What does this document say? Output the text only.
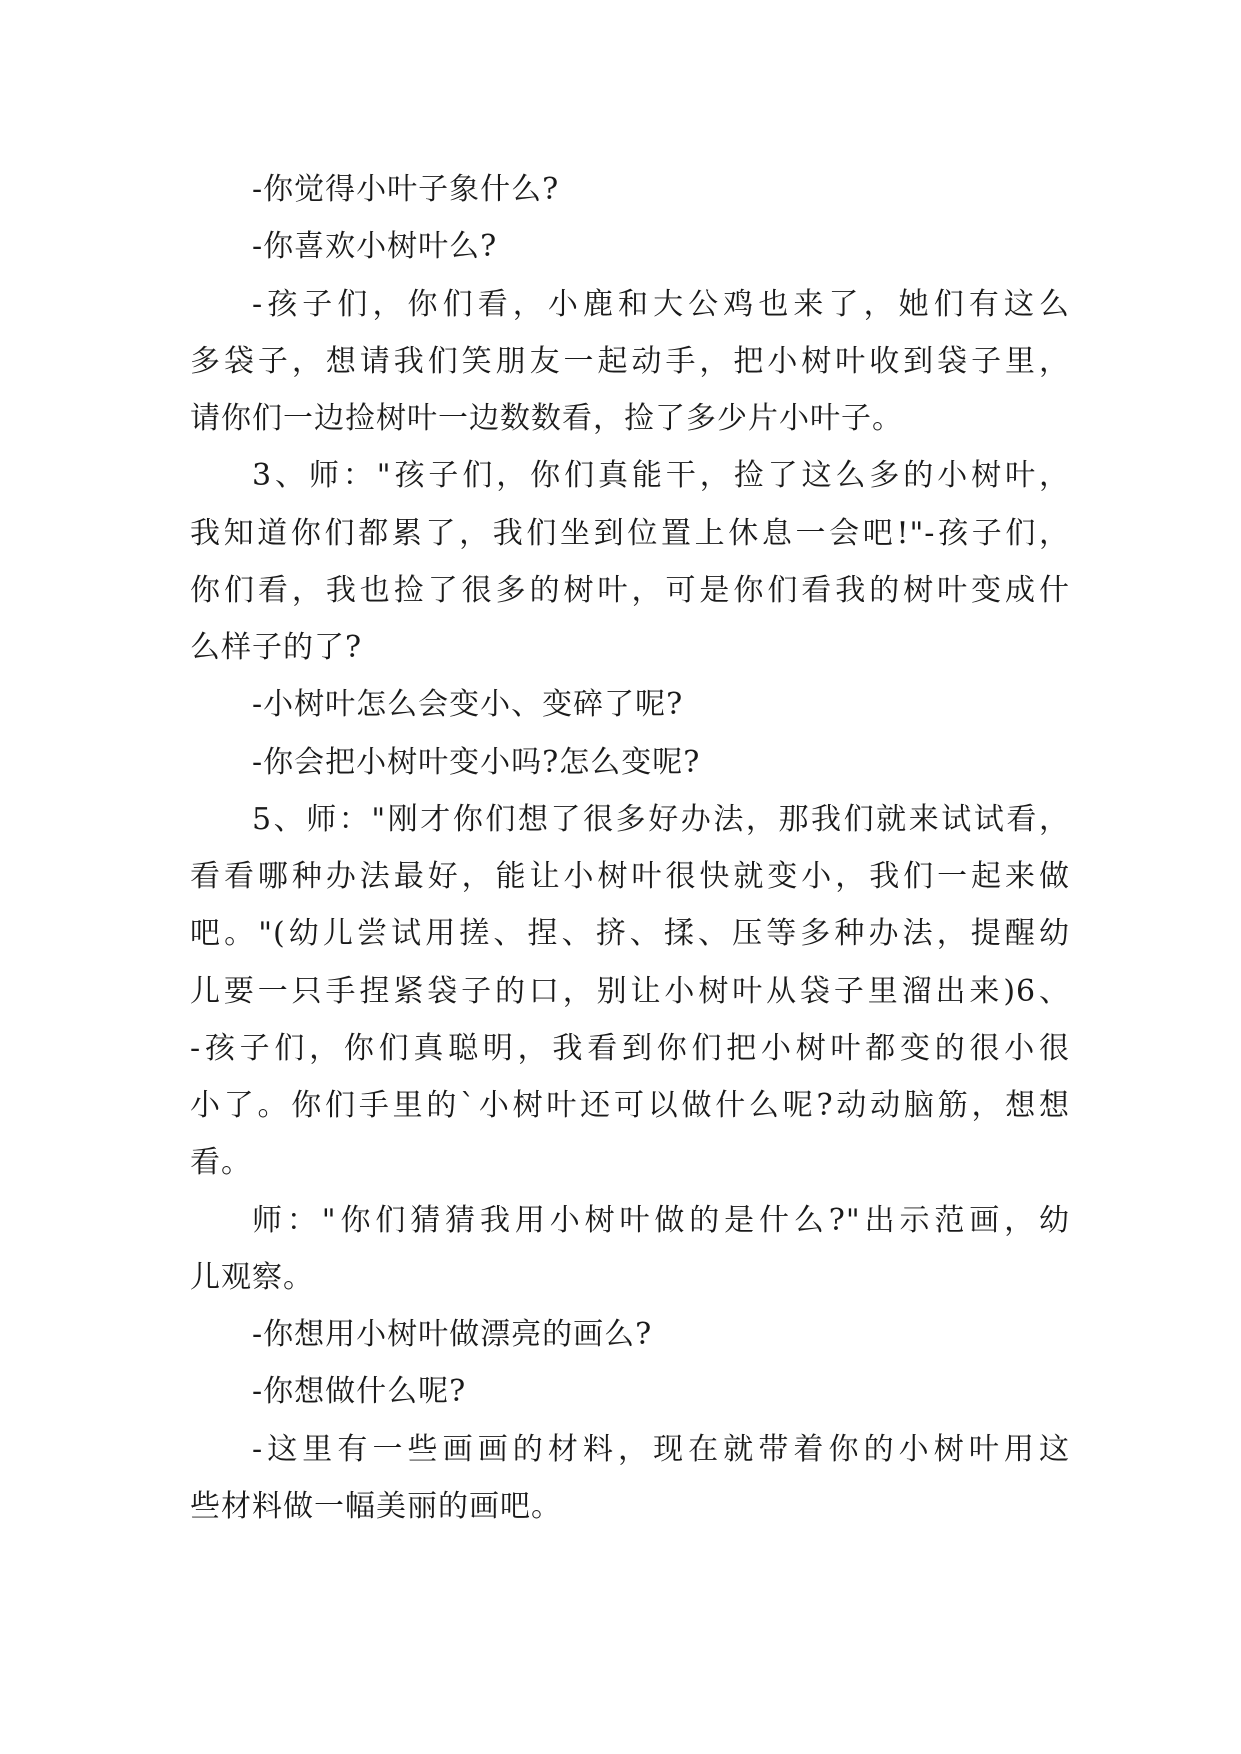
-你觉得小叶子象什么?
-你喜欢小树叶么?
-孩子们，你们看，小鹿和大公鸡也来了，她们有这么
多袋子，想请我们笑朋友一起动手，把小树叶收到袋子里，
请你们一边捡树叶一边数数看，捡了多少片小叶子。
3、师："孩子们，你们真能干，捡了这么多的小树叶，
我知道你们都累了，我们坐到位置上休息一会吧!"-孩子们，
你们看，我也捡了很多的树叶，可是你们看我的树叶变成什
么样子的了?
-小树叶怎么会变小、变碎了呢?
-你会把小树叶变小吗?怎么变呢?
5、师："刚才你们想了很多好办法，那我们就来试试看，
看看哪种办法最好，能让小树叶很快就变小，我们一起来做
吧。"(幼儿尝试用搓、捏、挤、揉、压等多种办法，提醒幼
儿要一只手捏紧袋子的口，别让小树叶从袋子里溜出来)6、
-孩子们，你们真聪明，我看到你们把小树叶都变的很小很
小了。你们手里的`小树叶还可以做什么呢?动动脑筋，想想
看。
师："你们猜猜我用小树叶做的是什么?"出示范画，幼
儿观察。
-你想用小树叶做漂亮的画么?
-你想做什么呢?
-这里有一些画画的材料，现在就带着你的小树叶用这
些材料做一幅美丽的画吧。
